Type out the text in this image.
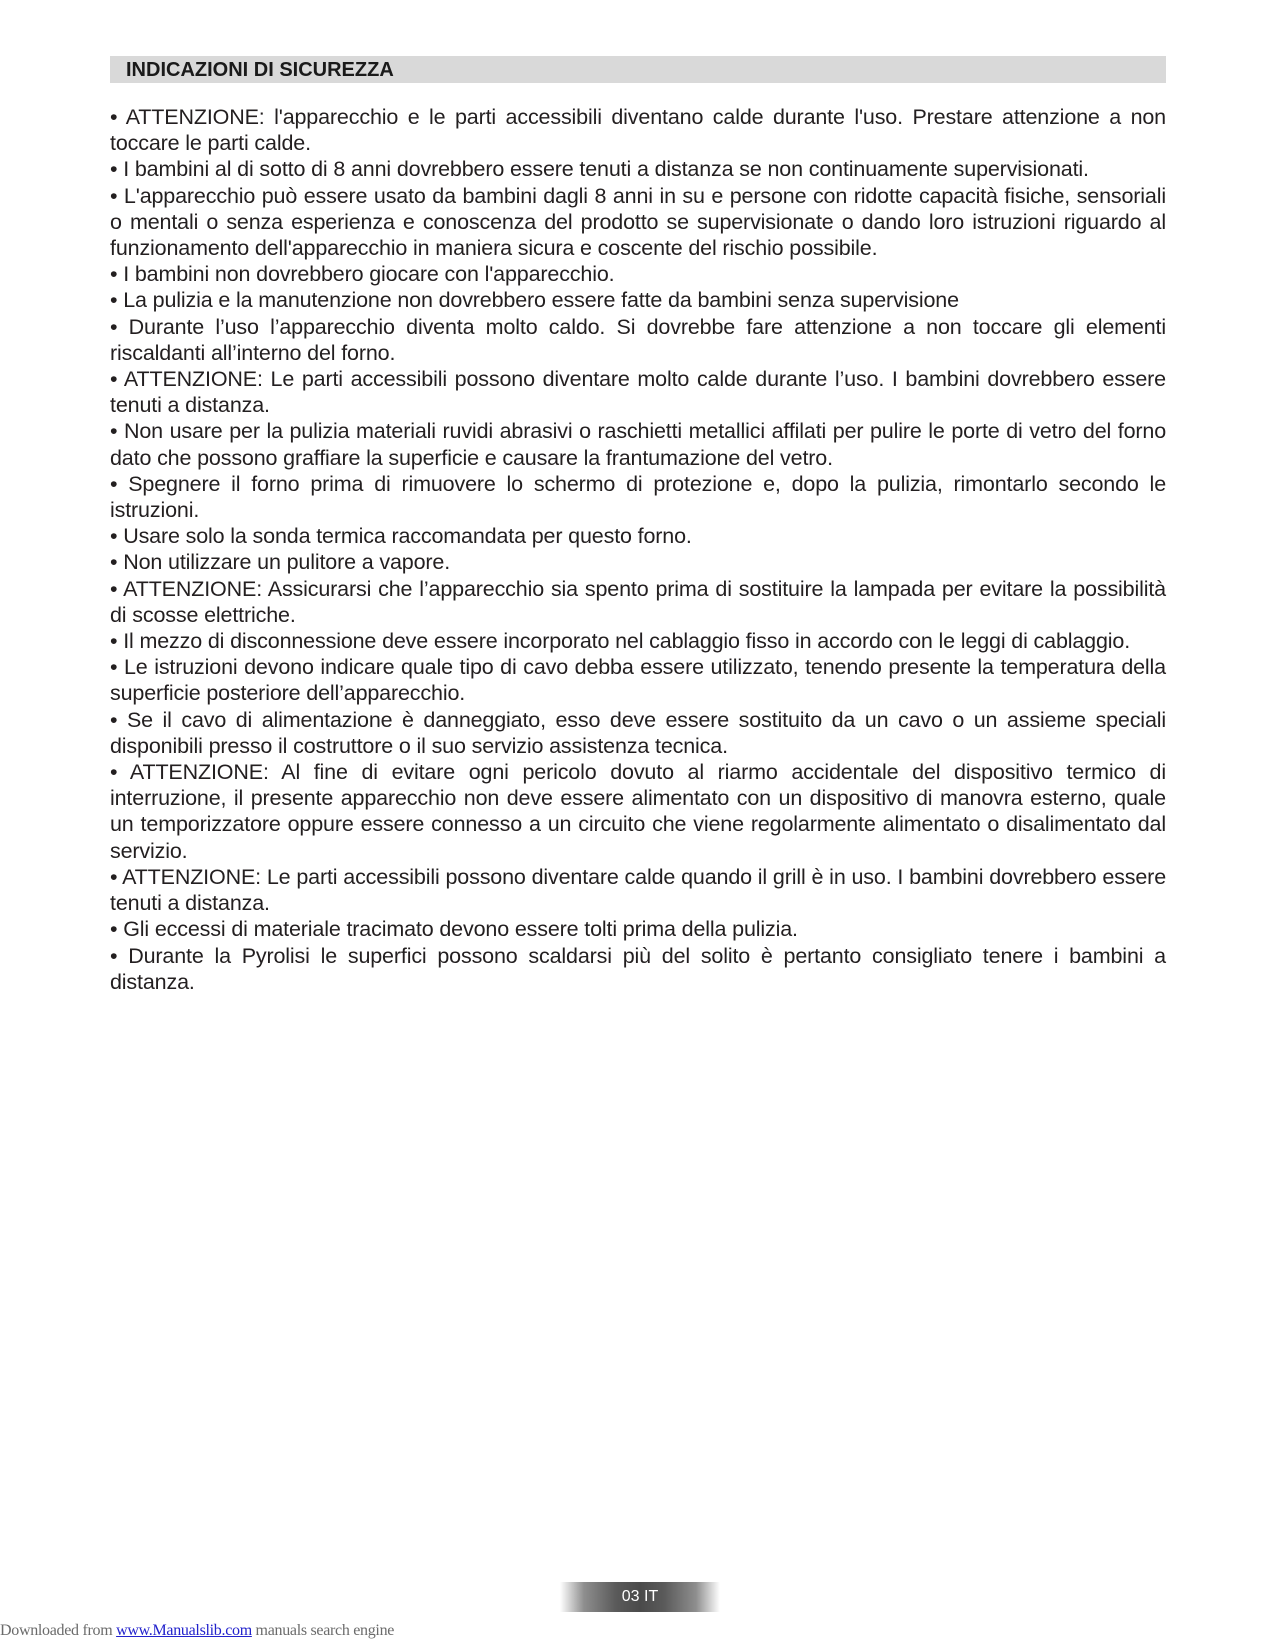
INDICAZIONI DI SICUREZZA

• ATTENZIONE: l'apparecchio e le parti accessibili diventano calde durante l'uso. Prestare attenzione a non toccare le parti calde.

• I bambini al di sotto di 8 anni dovrebbero essere tenuti a distanza se non continuamente supervisionati.

• L'apparecchio può essere usato da bambini dagli 8 anni in su e persone con ridotte capacità fisiche, sensoriali o mentali o senza esperienza e conoscenza del prodotto se supervisionate o dando loro istruzioni riguardo al funzionamento dell'apparecchio in maniera sicura e coscente del rischio possibile.

• I bambini non dovrebbero giocare con l'apparecchio.

• La pulizia e la manutenzione non dovrebbero essere fatte da bambini senza supervisione

• Durante l’uso l’apparecchio diventa molto caldo. Si dovrebbe fare attenzione a non toccare gli elementi riscaldanti all’interno del forno.

• ATTENZIONE: Le parti accessibili possono diventare molto calde durante l’uso. I bambini dovrebbero essere tenuti a distanza.

• Non usare per la pulizia materiali ruvidi abrasivi o raschietti metallici affilati per pulire le porte di vetro del forno dato che possono graffiare la superficie e causare la frantumazione del vetro.

• Spegnere il forno prima di rimuovere lo schermo di protezione e, dopo la pulizia, rimontarlo secondo le istruzioni.

• Usare solo la sonda termica raccomandata per questo forno.

• Non utilizzare un pulitore a vapore.

• ATTENZIONE: Assicurarsi che l’apparecchio sia spento prima di sostituire la lampada per evitare la possibilità di scosse elettriche.

• Il mezzo di disconnessione deve essere incorporato nel cablaggio fisso in accordo con le leggi di cablaggio.

• Le istruzioni devono indicare quale tipo di cavo debba essere utilizzato, tenendo presente la temperatura della superficie posteriore dell’apparecchio.

• Se il cavo di alimentazione è danneggiato, esso deve essere sostituito da un cavo o un assieme speciali disponibili presso il costruttore o il suo servizio assistenza tecnica.

• ATTENZIONE: Al fine di evitare ogni pericolo dovuto al riarmo accidentale del dispositivo termico di interruzione, il presente apparecchio non deve essere alimentato con un dispositivo di manovra esterno, quale un temporizzatore oppure essere connesso a un circuito che viene regolarmente alimentato o disalimentato dal servizio.

• ATTENZIONE: Le parti accessibili possono diventare calde quando il grill è in uso. I bambini dovrebbero essere tenuti a distanza.

• Gli eccessi di materiale tracimato devono essere tolti prima della pulizia.

• Durante la Pyrolisi le superfici possono scaldarsi più del solito è pertanto consigliato tenere i bambini a distanza.

03 IT
Downloaded from www.Manualslib.com manuals search engine
